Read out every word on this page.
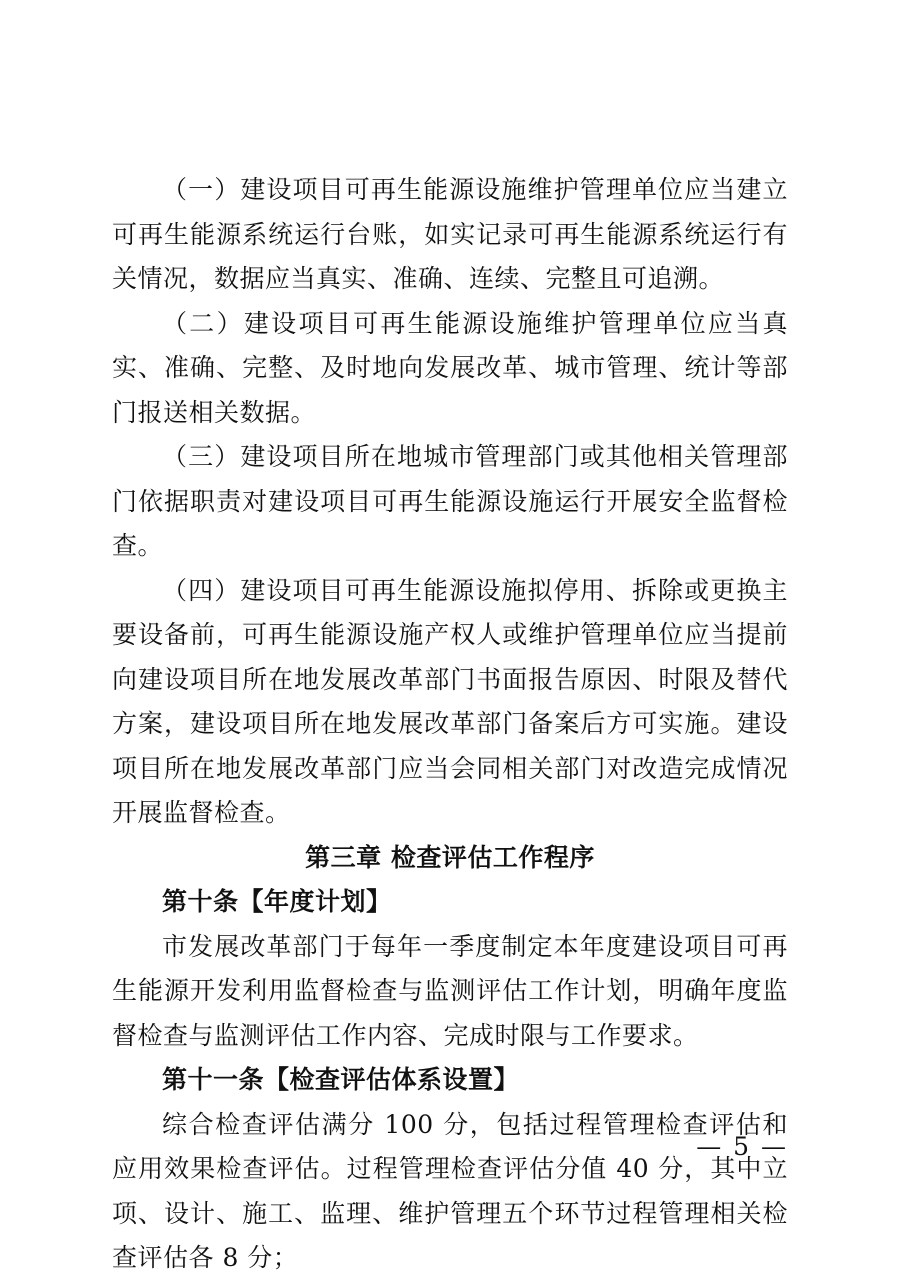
（一）建设项目可再生能源设施维护管理单位应当建立可再生能源系统运行台账，如实记录可再生能源系统运行有关情况，数据应当真实、准确、连续、完整且可追溯。

（二）建设项目可再生能源设施维护管理单位应当真实、准确、完整、及时地向发展改革、城市管理、统计等部门报送相关数据。

（三）建设项目所在地城市管理部门或其他相关管理部门依据职责对建设项目可再生能源设施运行开展安全监督检查。

（四）建设项目可再生能源设施拟停用、拆除或更换主要设备前，可再生能源设施产权人或维护管理单位应当提前向建设项目所在地发展改革部门书面报告原因、时限及替代方案，建设项目所在地发展改革部门备案后方可实施。建设项目所在地发展改革部门应当会同相关部门对改造完成情况开展监督检查。

第三章 检查评估工作程序
第十条【年度计划】

市发展改革部门于每年一季度制定本年度建设项目可再生能源开发利用监督检查与监测评估工作计划，明确年度监督检查与监测评估工作内容、完成时限与工作要求。

第十一条【检查评估体系设置】

综合检查评估满分 100 分，包括过程管理检查评估和应用效果检查评估。过程管理检查评估分值 40 分，其中立项、设计、施工、监理、维护管理五个环节过程管理相关检查评估各 8 分；

— 5 —
